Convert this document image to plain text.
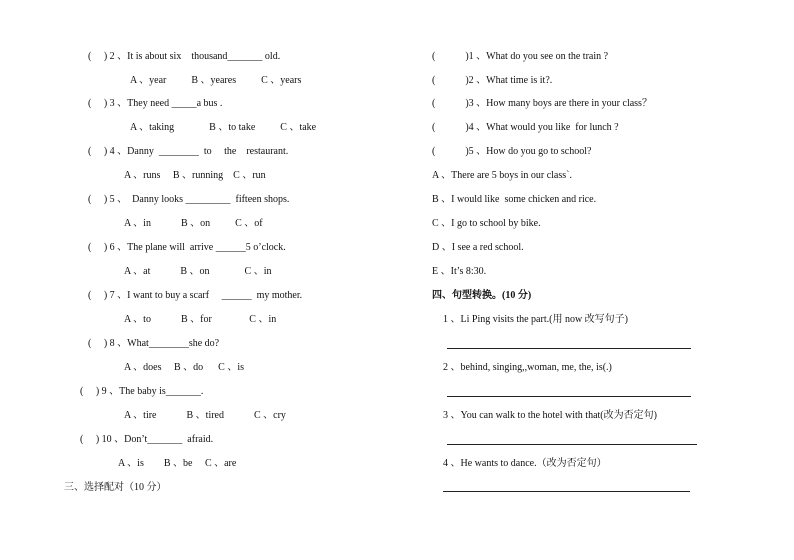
(　 ) 2 、It is about six    thousand_______ old.
A 、year          B 、yeares          C 、years
(　 ) 3 、They need _____a bus .
A 、taking              B 、to take          C 、take
(　 ) 4 、Danny  ________  to     the    restaurant.
A 、runs     B 、running    C 、run
(　 ) 5 、  Danny looks _________  fifteen shops.
A 、in            B 、on          C 、of
(　 ) 6 、The plane will  arrive ______5 o’clock.
A 、at            B 、on              C 、in
(　 ) 7 、I want to buy a scarf     ______  my mother.
A 、to            B 、for               C 、in
(　 ) 8 、What________she do?
A 、does     B 、do      C 、is
(　 ) 9 、The baby is_______.
A 、tire            B 、tired            C 、cry
(　 ) 10 、Don’t_______  afraid.
A 、is        B 、be     C 、are
三、选择配对（10 分）
(            )1 、What do you see on the train ?
(            )2 、What time is it?.
(            )3 、How many boys are there in your class？
(            )4 、What would you like  for lunch ?
(            )5 、How do you go to school?
A 、There are 5 boys in our class`.
B 、I would like  some chicken and rice.
C 、I go to school by bike.
D 、I see a red school.
E 、It’s 8:30.
四、句型转换。(10 分)
1 、Li Ping visits the part.(用 now 改写句子)
2 、behind, singing,,woman, me, the, is(.)
3 、You can walk to the hotel with that(改为否定句)
4 、He wants to dance.（改为否定句）
